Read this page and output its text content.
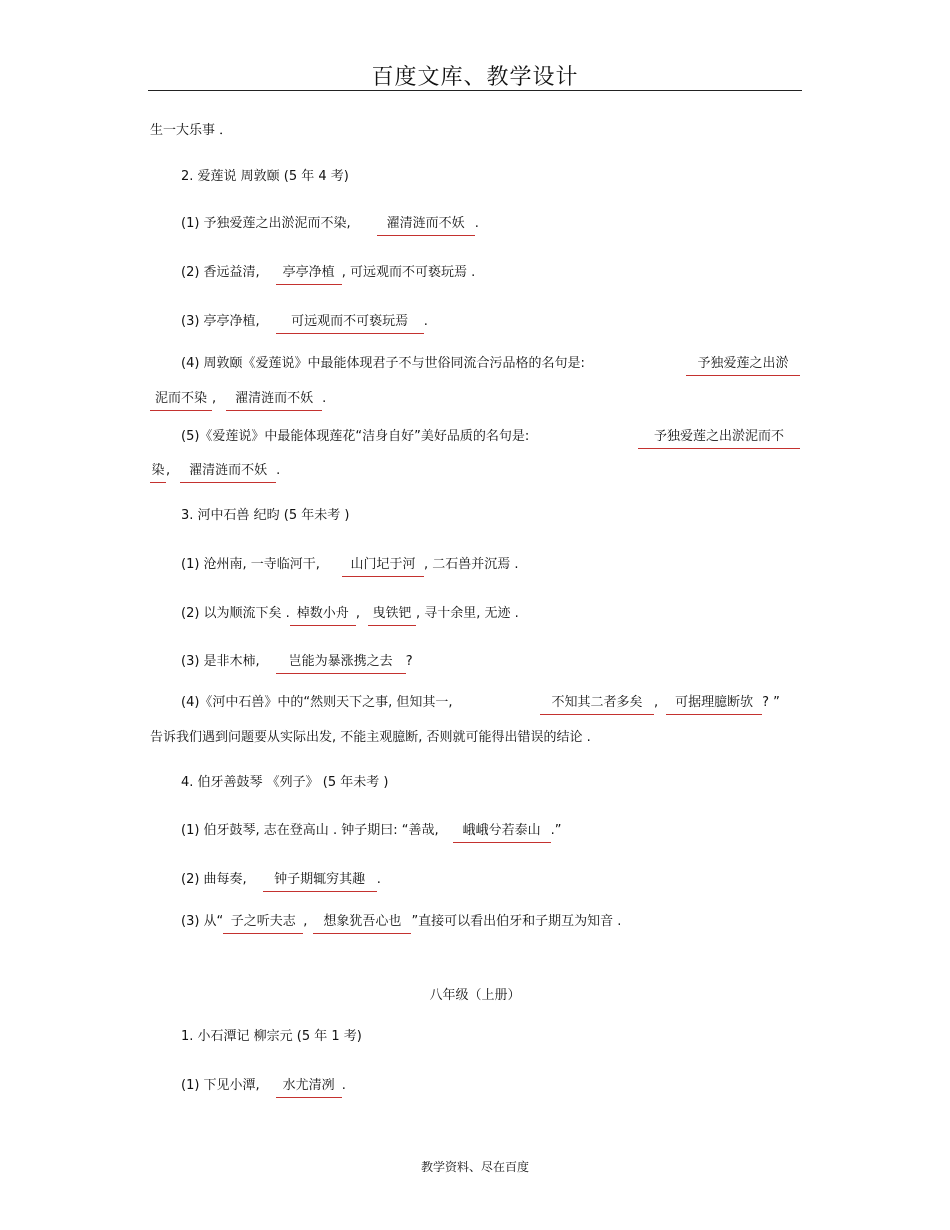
百度文库、教学设计
生一大乐事 ．
2. 爱莲说 周敦颐 (5 年 4 考)
(1) 予独爱莲之出淤泥而不染,	濯清涟而不妖 .
(2) 香远益清, 亭亭净植 , 可远观而不可亵玩焉 .
(3) 亭亭净植, 可远观而不可亵玩焉 .
(4) 周敦颐《爱莲说》中最能体现君子不与世俗同流合污品格的名句是:	予独爱莲之出淤
泥而不染 , 濯清涟而不妖 .
(5)《爱莲说》中最能体现莲花“洁身自好”美好品质的名句是:	予独爱莲之出淤泥而不
染 , 濯清涟而不妖 .
3. 河中石兽 纪昀 (5 年未考 )
(1) 沧州南, 一寺临河干, 山门圮于河 , 二石兽并沉焉 .
(2) 以为顺流下矣 . 棹数小舟 , 曳铁钯 , 寻十余里, 无迹 .
(3) 是非木柿, 岂能为暴涨携之去 ?
(4)《河中石兽》中的“然则天下之事, 但知其一,	不知其二者多矣 , 可据理臆断欤 ? ”
告诉我们遇到问题要从实际出发, 不能主观臆断, 否则就可能得出错误的结论 .
4. 伯牙善鼓琴 《列子》 (5 年未考 )
(1) 伯牙鼓琴, 志在登高山 . 钟子期曰: “善哉, 峨峨兮若泰山 .”
(2) 曲每奏, 钟子期辄穷其趣 .
(3) 从“ 子之听夫志 , 想象犹吾心也 ”直接可以看出伯牙和子期互为知音 .
八年级（上册）
1. 小石潭记 柳宗元 (5 年 1 考)
(1) 下见小潭, 水尤清冽 .
教学资料、尽在百度
